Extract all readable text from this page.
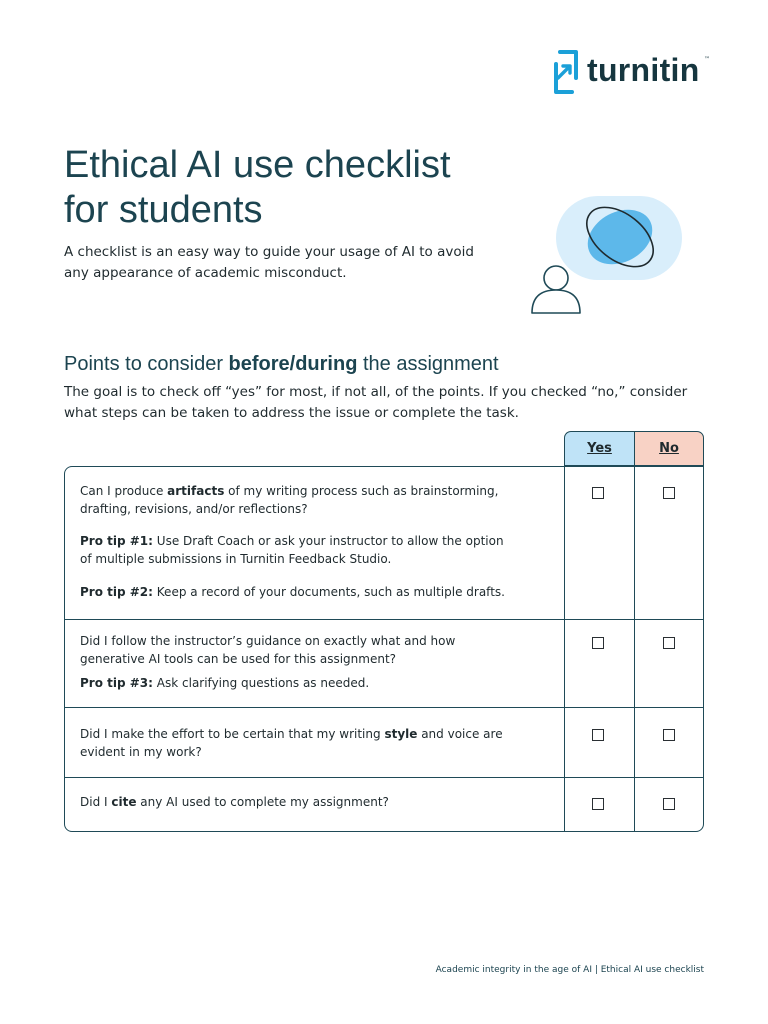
turnitin ™
Ethical AI use checklist for students

A checklist is an easy way to guide your usage of AI to avoid any appearance of academic misconduct.

Points to consider before/during the assignment

The goal is to check off “yes” for most, if not all, of the points. If you checked “no,” consider what steps can be taken to address the issue or complete the task.

Yes	No

Can I produce artifacts of my writing process such as brainstorming, drafting, revisions, and/or reflections?

Pro tip #1: Use Draft Coach or ask your instructor to allow the option of multiple submissions in Turnitin Feedback Studio.

Pro tip #2: Keep a record of your documents, such as multiple drafts.

Did I follow the instructor’s guidance on exactly what and how generative AI tools can be used for this assignment?

Pro tip #3: Ask clarifying questions as needed.

Did I make the effort to be certain that my writing style and voice are evident in my work?

Did I cite any AI used to complete my assignment?

Academic integrity in the age of AI | Ethical AI use checklist
